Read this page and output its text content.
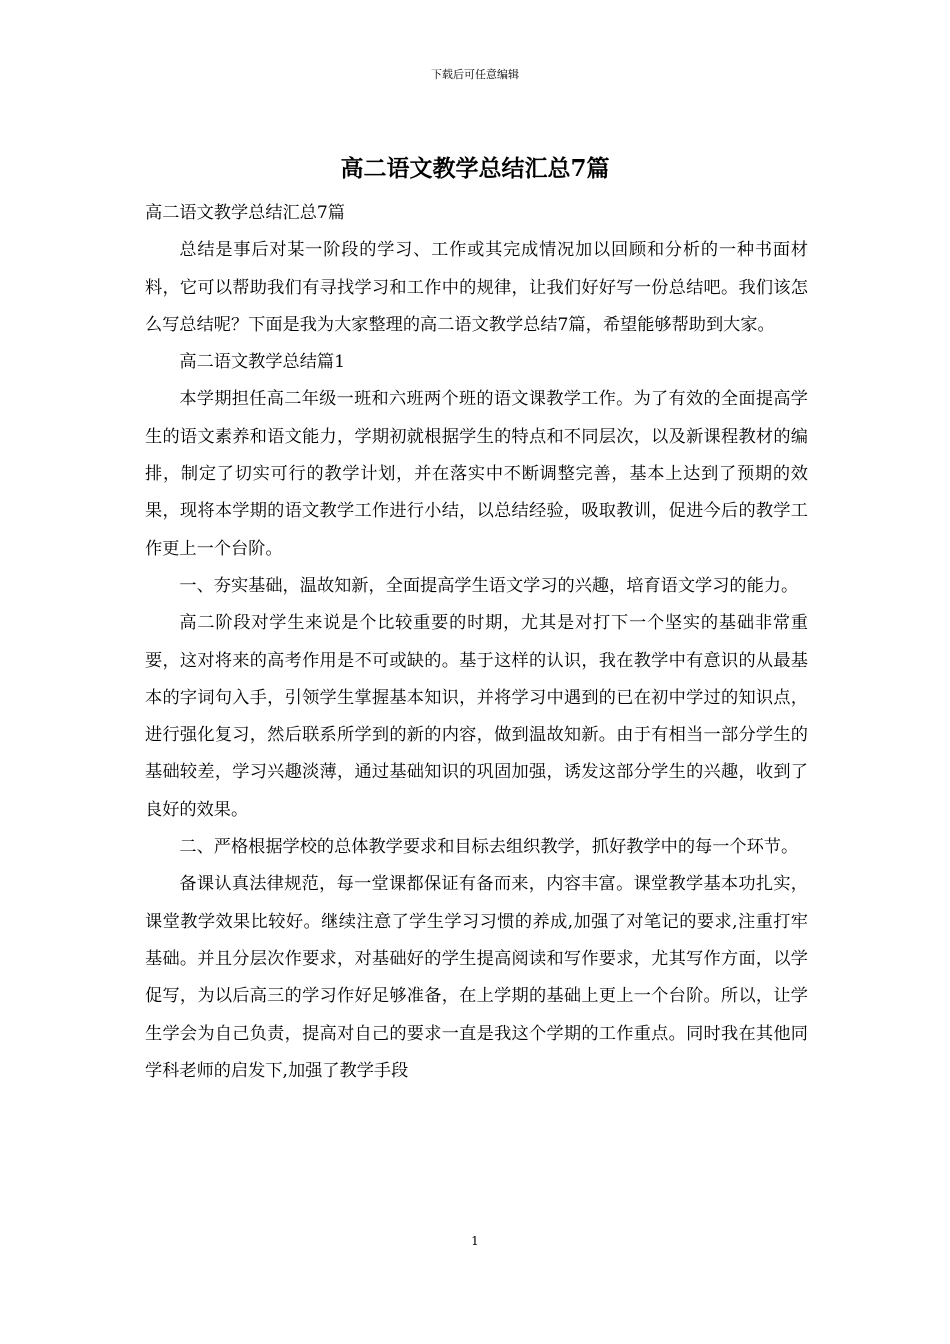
下载后可任意编辑
高二语文教学总结汇总7篇

高二语文教学总结汇总7篇

总结是事后对某一阶段的学习、工作或其完成情况加以回顾和分析的一种书面材料，它可以帮助我们有寻找学习和工作中的规律，让我们好好写一份总结吧。我们该怎么写总结呢？下面是我为大家整理的高二语文教学总结7篇，希望能够帮助到大家。

高二语文教学总结篇1

本学期担任高二年级一班和六班两个班的语文课教学工作。为了有效的全面提高学生的语文素养和语文能力，学期初就根据学生的特点和不同层次，以及新课程教材的编排，制定了切实可行的教学计划，并在落实中不断调整完善，基本上达到了预期的效果，现将本学期的语文教学工作进行小结，以总结经验，吸取教训，促进今后的教学工作更上一个台阶。

一、夯实基础，温故知新，全面提高学生语文学习的兴趣，培育语文学习的能力。

高二阶段对学生来说是个比较重要的时期，尤其是对打下一个坚实的基础非常重要，这对将来的高考作用是不可或缺的。基于这样的认识，我在教学中有意识的从最基本的字词句入手，引领学生掌握基本知识，并将学习中遇到的已在初中学过的知识点，进行强化复习，然后联系所学到的新的内容，做到温故知新。由于有相当一部分学生的基础较差，学习兴趣淡薄，通过基础知识的巩固加强，诱发这部分学生的兴趣，收到了良好的效果。

二、严格根据学校的总体教学要求和目标去组织教学，抓好教学中的每一个环节。

备课认真法律规范，每一堂课都保证有备而来，内容丰富。课堂教学基本功扎实，课堂教学效果比较好。继续注意了学生学习习惯的养成,加强了对笔记的要求,注重打牢基础。并且分层次作要求，对基础好的学生提高阅读和写作要求，尤其写作方面，以学促写，为以后高三的学习作好足够准备，在上学期的基础上更上一个台阶。所以，让学生学会为自己负责，提高对自己的要求一直是我这个学期的工作重点。同时我在其他同学科老师的启发下,加强了教学手段

1
